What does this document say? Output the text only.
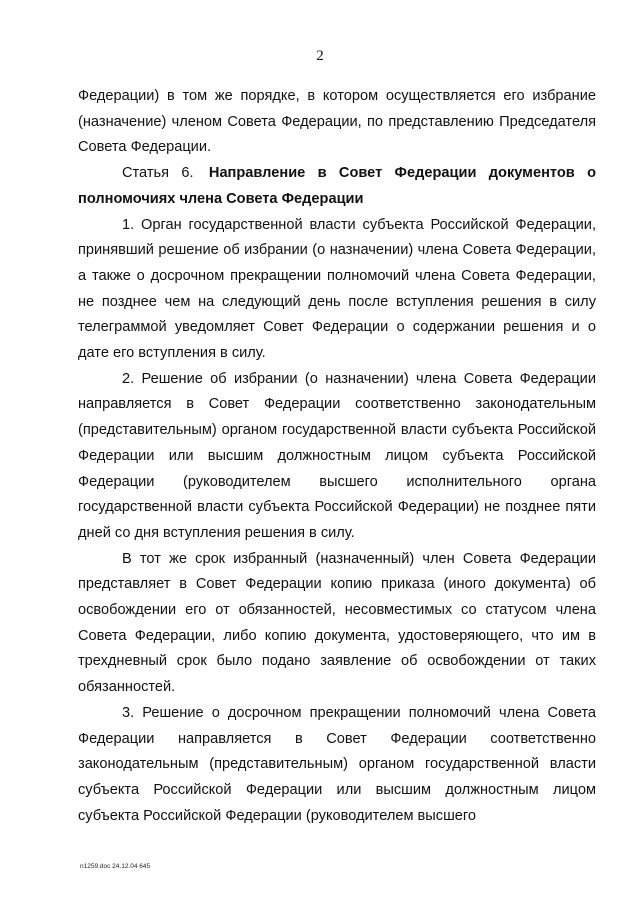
2

Федерации) в том же порядке, в котором осуществляется его избрание (назначение) членом Совета Федерации, по представлению Председателя Совета Федерации.

Статья 6. Направление в Совет Федерации документов о полномочиях члена Совета Федерации

1. Орган государственной власти субъекта Российской Федерации, принявший решение об избрании (о назначении) члена Совета Федерации, а также о досрочном прекращении полномочий члена Совета Федерации, не позднее чем на следующий день после вступления решения в силу телеграммой уведомляет Совет Федерации о содержании решения и о дате его вступления в силу.

2. Решение об избрании (о назначении) члена Совета Федерации направляется в Совет Федерации соответственно законодательным (представительным) органом государственной власти субъекта Российской Федерации или высшим должностным лицом субъекта Российской Федерации (руководителем высшего исполнительного органа государственной власти субъекта Российской Федерации) не позднее пяти дней со дня вступления решения в силу.

В тот же срок избранный (назначенный) член Совета Федерации представляет в Совет Федерации копию приказа (иного документа) об освобождении его от обязанностей, несовместимых со статусом члена Совета Федерации, либо копию документа, удостоверяющего, что им в трехдневный срок было подано заявление об освобождении от таких обязанностей.

3. Решение о досрочном прекращении полномочий члена Совета Федерации направляется в Совет Федерации соответственно законодательным (представительным) органом государственной власти субъекта Российской Федерации или высшим должностным лицом субъекта Российской Федерации (руководителем высшего

n1259.doc 24.12.04 645
